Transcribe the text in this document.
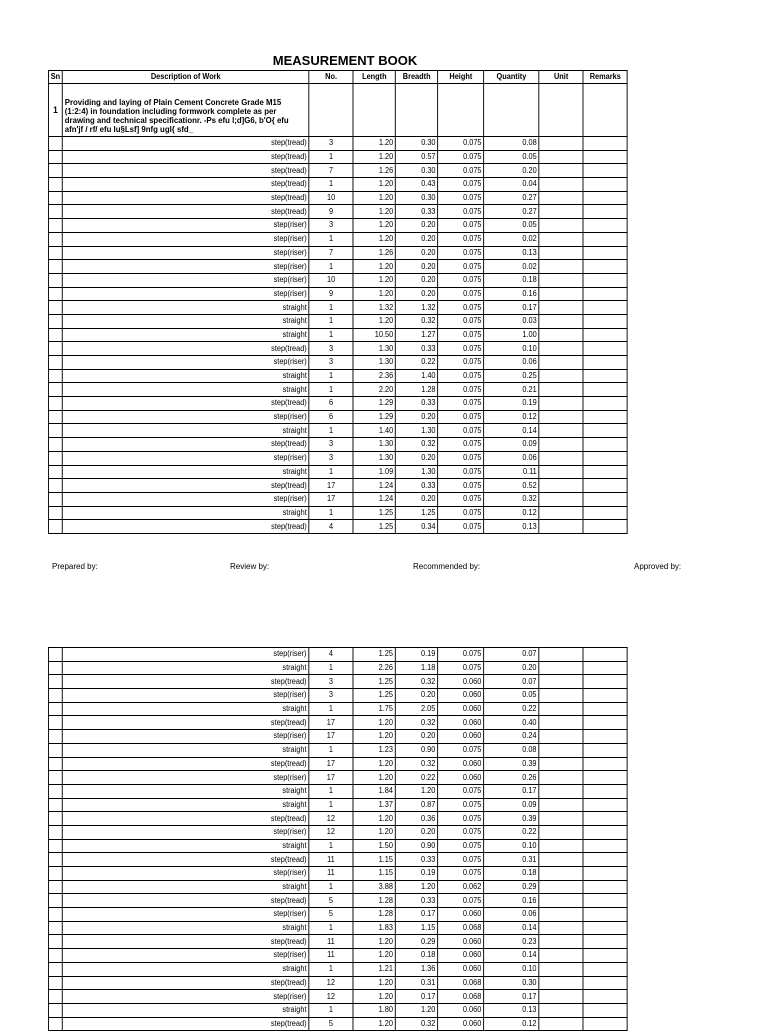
MEASUREMENT BOOK
Sn	Description of Work	No.	Length	Breadth	Height	Quantity	Unit	Remarks
1	Providing and laying of Plain Cement Concrete Grade M15 (1:2:4) in foundation including formwork complete as per drawing and technical specificationr. -Ps efu l;d]G6, b'O{ efu afn'jf / rf/ efu lu§Lsf] 9nfg ugl{ sfd_							
	step(tread)	3	1.20	0.30	0.075	0.08		
	step(tread)	1	1.20	0.57	0.075	0.05		
	step(tread)	7	1.26	0.30	0.075	0.20		
	step(tread)	1	1.20	0.43	0.075	0.04		
	step(tread)	10	1.20	0.30	0.075	0.27		
	step(tread)	9	1.20	0.33	0.075	0.27		
	step(riser)	3	1.20	0.20	0.075	0.05		
	step(riser)	1	1.20	0.20	0.075	0.02		
	step(riser)	7	1.26	0.20	0.075	0.13		
	step(riser)	1	1.20	0.20	0.075	0.02		
	step(riser)	10	1.20	0.20	0.075	0.18		
	step(riser)	9	1.20	0.20	0.075	0.16		
	straight	1	1.32	1.32	0.075	0.17		
	straight	1	1.20	0.32	0.075	0.03		
	straight	1	10.50	1.27	0.075	1.00		
	step(tread)	3	1.30	0.33	0.075	0.10		
	step(riser)	3	1.30	0.22	0.075	0.06		
	straight	1	2.36	1.40	0.075	0.25		
	straight	1	2.20	1.28	0.075	0.21		
	step(tread)	6	1.29	0.33	0.075	0.19		
	step(riser)	6	1.29	0.20	0.075	0.12		
	straight	1	1.40	1.30	0.075	0.14		
	step(tread)	3	1.30	0.32	0.075	0.09		
	step(riser)	3	1.30	0.20	0.075	0.06		
	straight	1	1.09	1.30	0.075	0.11		
	step(tread)	17	1.24	0.33	0.075	0.52		
	step(riser)	17	1.24	0.20	0.075	0.32		
	straight	1	1.25	1.25	0.075	0.12		
	step(tread)	4	1.25	0.34	0.075	0.13		
Prepared by:	Review by:	Recommended by:	Approved by:
	step(riser)	4	1.25	0.19	0.075	0.07		
	straight	1	2.26	1.18	0.075	0.20		
	step(tread)	3	1.25	0.32	0.060	0.07		
	step(riser)	3	1.25	0.20	0.060	0.05		
	straight	1	1.75	2.05	0.060	0.22		
	step(tread)	17	1.20	0.32	0.060	0.40		
	step(riser)	17	1.20	0.20	0.060	0.24		
	straight	1	1.23	0.90	0.075	0.08		
	step(tread)	17	1.20	0.32	0.060	0.39		
	step(riser)	17	1.20	0.22	0.060	0.26		
	straight	1	1.84	1.20	0.075	0.17		
	straight	1	1.37	0.87	0.075	0.09		
	step(tread)	12	1.20	0.36	0.075	0.39		
	step(riser)	12	1.20	0.20	0.075	0.22		
	straight	1	1.50	0.90	0.075	0.10		
	step(tread)	11	1.15	0.33	0.075	0.31		
	step(riser)	11	1.15	0.19	0.075	0.18		
	straight	1	3.88	1.20	0.062	0.29		
	step(tread)	5	1.28	0.33	0.075	0.16		
	step(riser)	5	1.28	0.17	0.060	0.06		
	straight	1	1.83	1.15	0.068	0.14		
	step(tread)	11	1.20	0.29	0.060	0.23		
	step(riser)	11	1.20	0.18	0.060	0.14		
	straight	1	1.21	1.36	0.060	0.10		
	step(tread)	12	1.20	0.31	0.068	0.30		
	step(riser)	12	1.20	0.17	0.068	0.17		
	straight	1	1.80	1.20	0.060	0.13		
	step(tread)	5	1.20	0.32	0.060	0.12		
